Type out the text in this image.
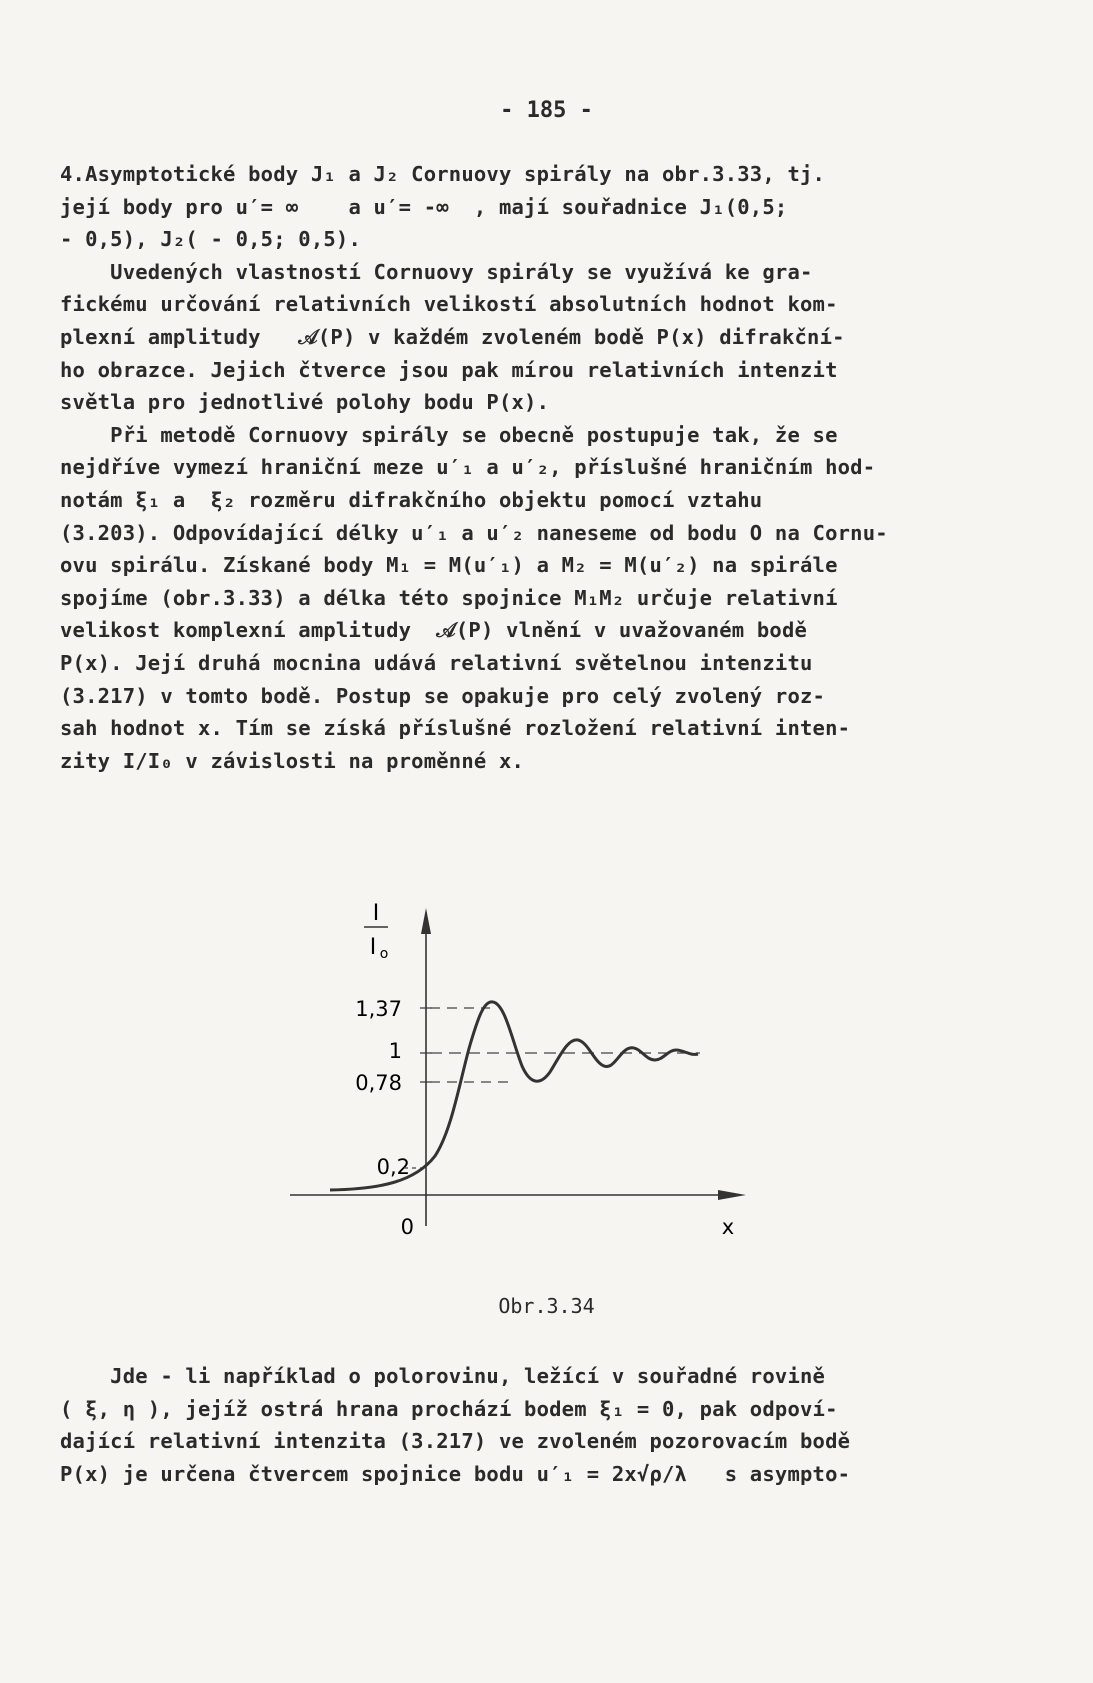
- 185 -
4.Asymptotické body J₁ a J₂ Cornuovy spirály na obr.3.33, tj.
její body pro u′= ∞    a u′= -∞  , mají souřadnice J₁(0,5;
- 0,5), J₂( - 0,5; 0,5).
Uvedených vlastností Cornuovy spirály se využívá ke gra-
fickému určování relativních velikostí absolutních hodnot kom-
plexní amplitudy   𝒜(P) v každém zvoleném bodě P(x) difrakční-
ho obrazce. Jejich čtverce jsou pak mírou relativních intenzit
světla pro jednotlivé polohy bodu P(x).
Při metodě Cornuovy spirály se obecně postupuje tak, že se
nejdříve vymezí hraniční meze u′₁ a u′₂, příslušné hraničním hod-
notám ξ₁ a  ξ₂ rozměru difrakčního objektu pomocí vztahu
(3.203). Odpovídající délky u′₁ a u′₂ naneseme od bodu O na Cornu-
ovu spirálu. Získané body M₁ = M(u′₁) a M₂ = M(u′₂) na spirále
spojíme (obr.3.33) a délka této spojnice M₁M₂ určuje relativní
velikost komplexní amplitudy  𝒜(P) vlnění v uvažovaném bodě
P(x). Její druhá mocnina udává relativní světelnou intenzitu
(3.217) v tomto bodě. Postup se opakuje pro celý zvolený roz-
sah hodnot x. Tím se získá příslušné rozložení relativní inten-
zity I/I₀ v závislosti na proměnné x.
I
I o
1,37
1
0,78
0,2
0	x
Obr.3.34
Jde - li například o polorovinu, ležící v souřadné rovině
( ξ, η ), jejíž ostrá hrana prochází bodem ξ₁ = 0, pak odpoví-
dající relativní intenzita (3.217) ve zvoleném pozorovacím bodě
P(x) je určena čtvercem spojnice bodu u′₁ = 2x√ρ/λ   s asympto-
